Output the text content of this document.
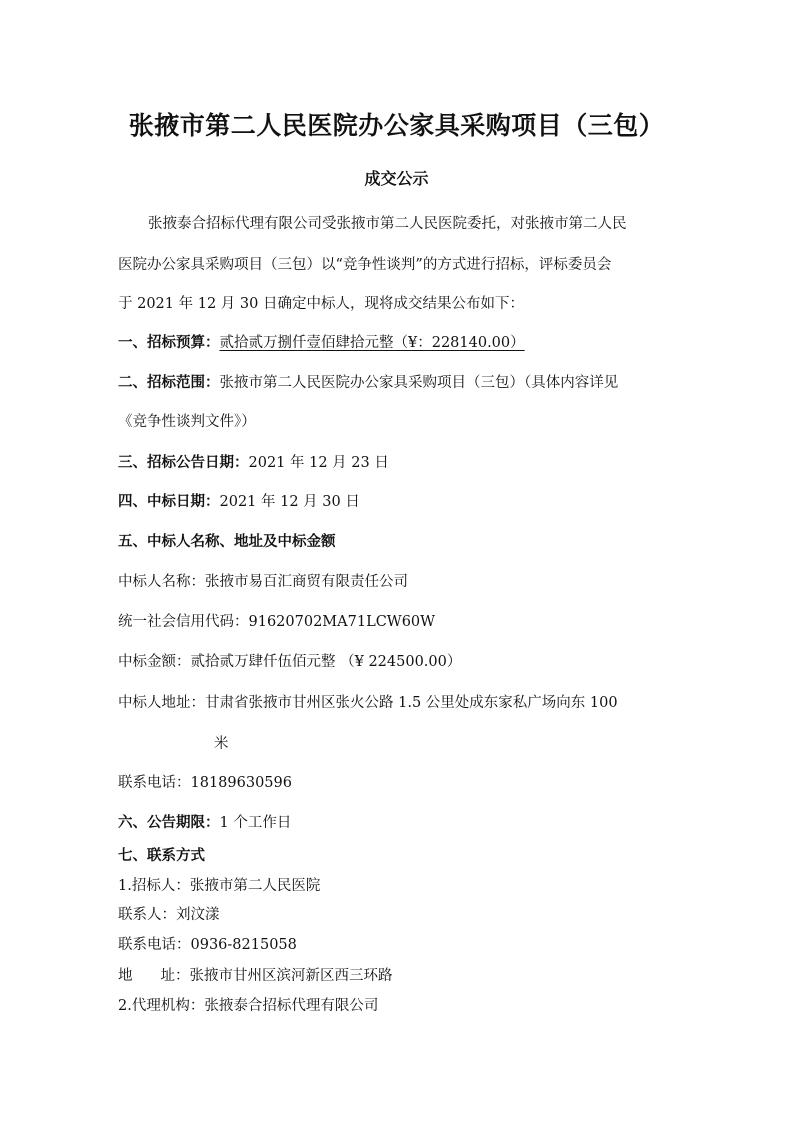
张掖市第二人民医院办公家具采购项目（三包）
成交公示
张掖泰合招标代理有限公司受张掖市第二人民医院委托，对张掖市第二人民
医院办公家具采购项目（三包）以“竞争性谈判”的方式进行招标，评标委员会
于 2021 年 12 月 30 日确定中标人，现将成交结果公布如下：
一、招标预算：贰拾贰万捌仟壹佰肆拾元整（¥：228140.00）
二、招标范围：张掖市第二人民医院办公家具采购项目（三包）（具体内容详见
《竞争性谈判文件》）
三、招标公告日期：2021 年 12 月 23 日
四、中标日期：2021 年 12 月 30 日
五、中标人名称、地址及中标金额
中标人名称：张掖市易百汇商贸有限责任公司
统一社会信用代码：91620702MA71LCW60W
中标金额：贰拾贰万肆仟伍佰元整 （¥ 224500.00）
中标人地址：甘肃省张掖市甘州区张火公路 1.5 公里处成东家私广场向东 100
米
联系电话：18189630596
六、公告期限：1 个工作日
七、联系方式
1.招标人：张掖市第二人民医院
联系人：刘汶漾
联系电话：0936-8215058
地 址：张掖市甘州区滨河新区西三环路
2.代理机构：张掖泰合招标代理有限公司
